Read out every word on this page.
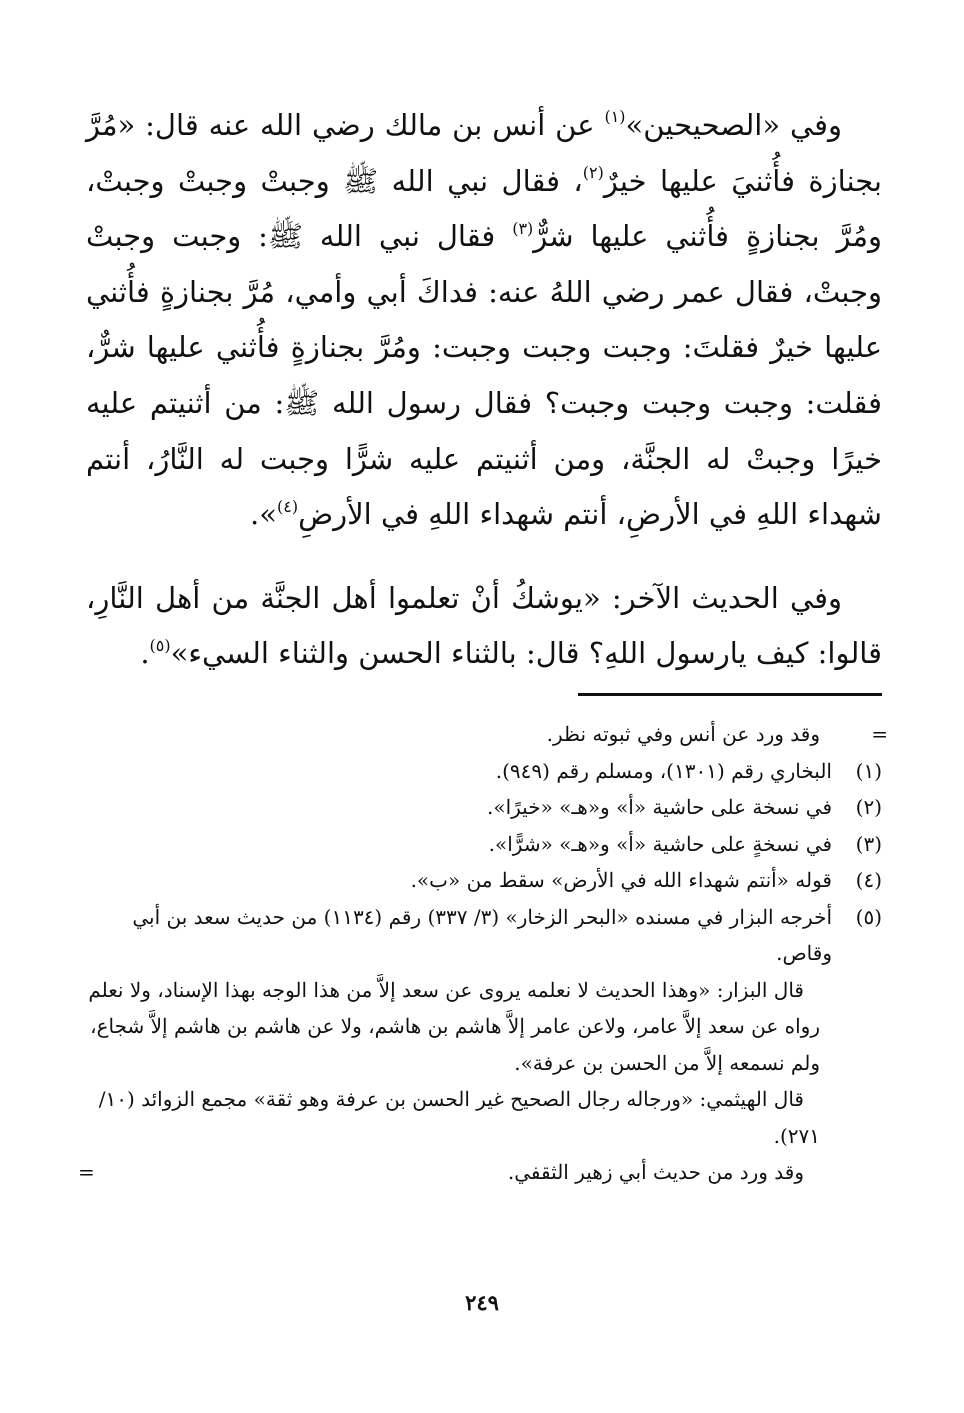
وفي «الصحيحين»$^{(١)}$ عن أنس بن مالك رضي الله عنه قال: «مُرَّ بجنازة فأُثنيَ عليها خيرٌ$^{(٢)}$، فقال نبي الله ﷺ وجبتْ وجبتْ وجبتْ، ومُرَّ بجنازةٍ فأُثني عليها شرٌّ$^{(٣)}$ فقال نبي الله ﷺ: وجبت وجبتْ وجبتْ، فقال عمر رضي اللهُ عنه: فداكَ أبي وأمي، مُرَّ بجنازةٍ فأُثني عليها خيرٌ فقلتَ: وجبت وجبت وجبت: ومُرَّ بجنازةٍ فأُثني عليها شرٌّ، فقلت: وجبت وجبت وجبت؟ فقال رسول الله ﷺ: من أثنيتم عليه خيرًا وجبتْ له الجنَّة، ومن أثنيتم عليه شرًّا وجبت له النَّارُ، أنتم شهداء اللهِ في الأرضِ، أنتم شهداء اللهِ في الأرضِ$^{(٤)}$».

وفي الحديث الآخر: «يوشكُ أنْ تعلموا أهل الجنَّة من أهل النَّارِ، قالوا: كيف يارسول اللهِ؟ قال: بالثناء الحسن والثناء السيء»$^{(٥)}$.

=
وقد ورد عن أنس وفي ثبوته نظر.
(١)
البخاري رقم (١٣٠١)، ومسلم رقم (٩٤٩).
(٢)
في نسخة على حاشية «أ» و«هـ» «خيرًا».
(٣)
في نسخةٍ على حاشية «أ» و«هـ» «شرًّا».
(٤)
قوله «أنتم شهداء الله في الأرض» سقط من «ب».
(٥)
أخرجه البزار في مسنده «البحر الزخار» (٣/ ٣٣٧) رقم (١١٣٤) من حديث سعد بن أبي وقاص.
قال البزار: «وهذا الحديث لا نعلمه يروى عن سعد إلاَّ من هذا الوجه بهذا الإسناد، ولا نعلم رواه عن سعد إلاَّ عامر، ولاعن عامر إلاَّ هاشم بن هاشم، ولا عن هاشم بن هاشم إلاَّ شجاع، ولم نسمعه إلاَّ من الحسن بن عرفة».
قال الهيثمي: «ورجاله رجال الصحيح غير الحسن بن عرفة وهو ثقة» مجمع الزوائد (١٠/ ٢٧١).
وقد ورد من حديث أبي زهير الثقفي.
=
٢٤٩
